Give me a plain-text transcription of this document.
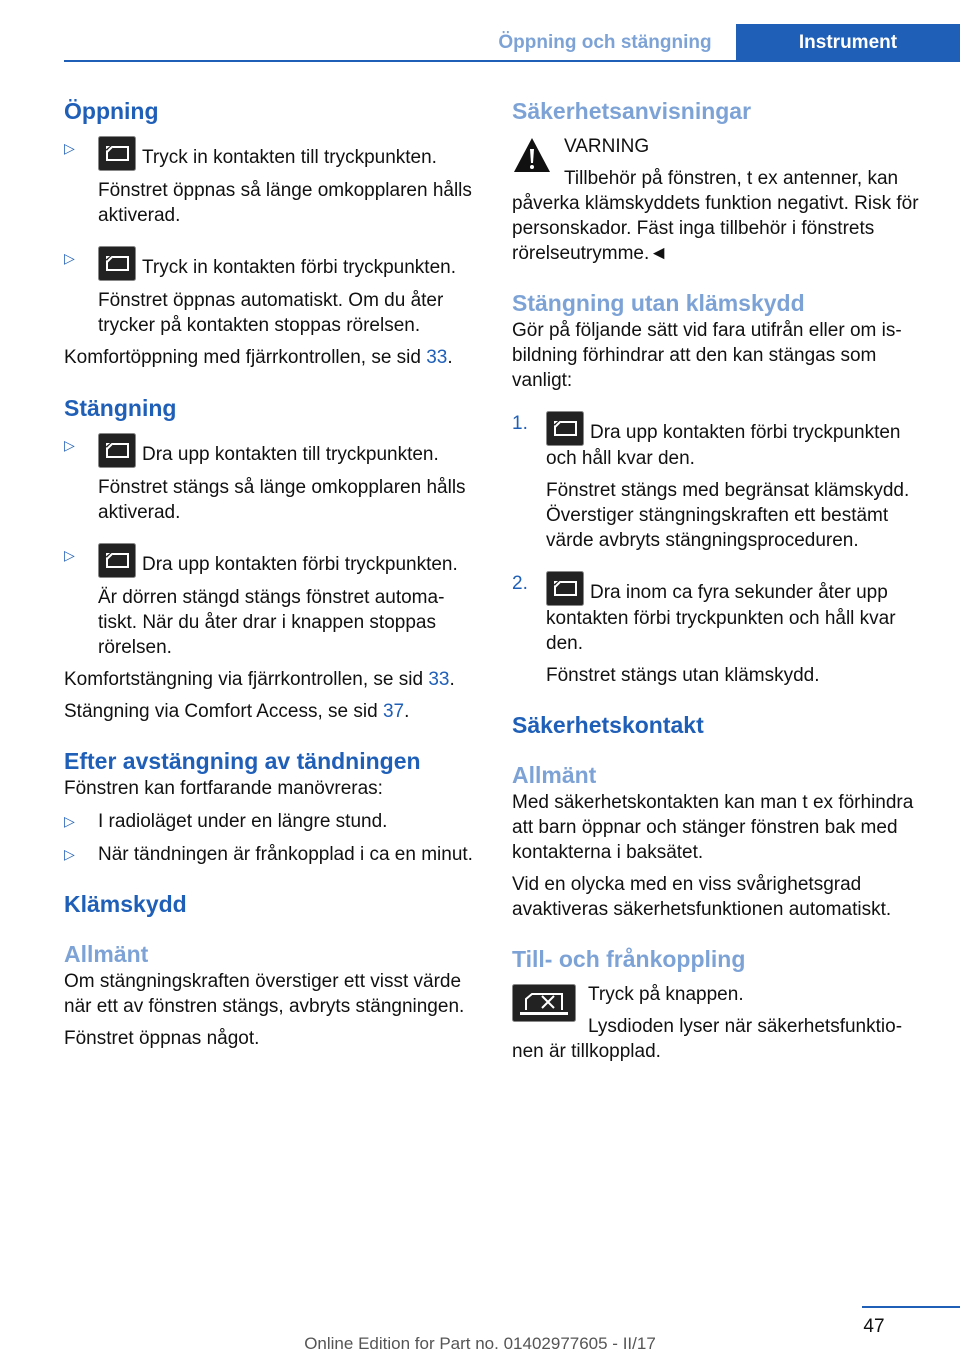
Öppning och stängning	Instrument
Öppning
▷	Tryck in kontakten till tryckpunkten.

Fönstret öppnas så länge omkopplaren hålls aktiverad.

▷	Tryck in kontakten förbi tryckpunkten.

Fönstret öppnas automatiskt. Om du åter trycker på kontakten stoppas rörelsen.

Komfortöppning med fjärrkontrollen, se sid 33.

Stängning
▷	Dra upp kontakten till tryckpunkten.

Fönstret stängs så länge omkopplaren hålls aktiverad.

▷	Dra upp kontakten förbi tryckpunkten.

Är dörren stängd stängs fönstret automatiskt. När du åter drar i knappen stoppas rörelsen.

Komfortstängning via fjärrkontrollen, se sid 33.

Stängning via Comfort Access, se sid 37.

Efter avstängning av tändningen

Fönstren kan fortfarande manövreras:

▷ I radioläget under en längre stund.

▷ När tändningen är frånkopplad i ca en minut.

Klämskydd
Allmänt

Om stängningskraften överstiger ett visst värde när ett av fönstren stängs, avbryts stängningen.

Fönstret öppnas något.

Säkerhetsanvisningar

VARNING

Tillbehör på fönstren, t ex antenner, kan påverka klämskyddets funktion negativt. Risk för personskador. Fäst inga tillbehör i fönstrets rörelseutrymme.◄

Stängning utan klämskydd

Gör på följande sätt vid fara utifrån eller om isbildning förhindrar att den kan stängas som vanligt:

1.	Dra upp kontakten förbi tryckpunkten och håll kvar den.

Fönstret stängs med begränsat klämskydd. Överstiger stängningskraften ett bestämt värde avbryts stängningsproceduren.

2.	Dra inom ca fyra sekunder åter upp kontakten förbi tryckpunkten och håll kvar den.

Fönstret stängs utan klämskydd.

Säkerhetskontakt
Allmänt

Med säkerhetskontakten kan man t ex förhindra att barn öppnar och stänger fönstren bak med kontakterna i baksätet.

Vid en olycka med en viss svårighetsgrad avaktiveras säkerhetsfunktionen automatiskt.

Till- och frånkoppling

Tryck på knappen.

Lysdioden lyser när säkerhetsfunktionen är tillkopplad.

47
Online Edition for Part no. 01402977605 - II/17
